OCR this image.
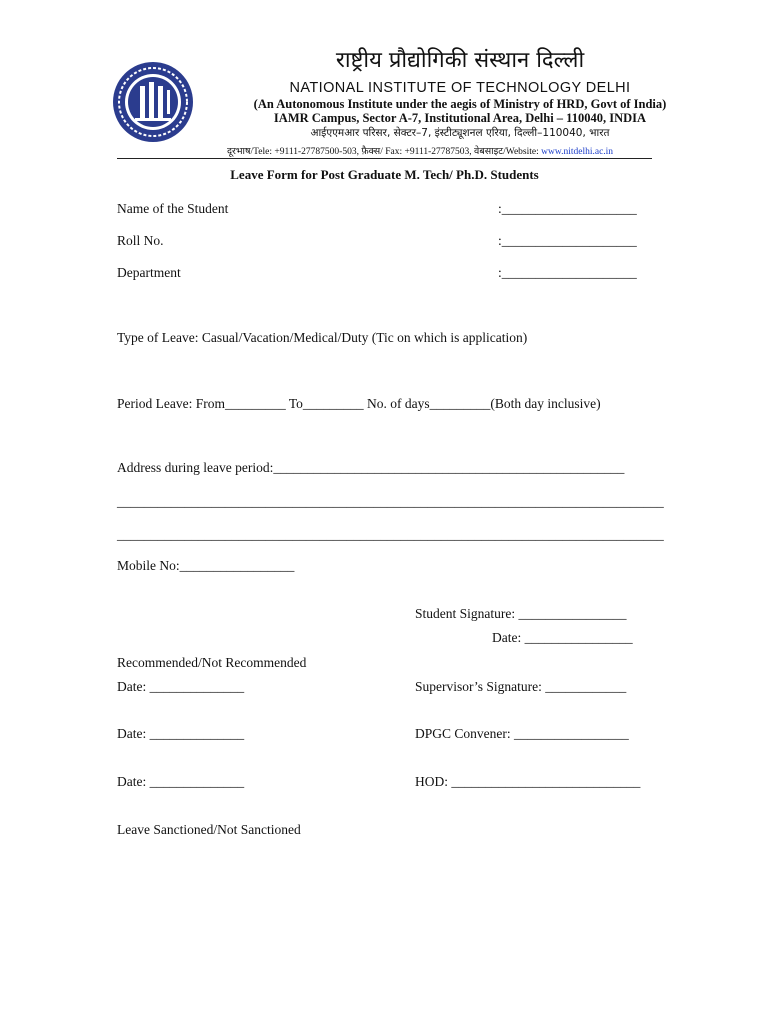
राष्ट्रीय प्रौद्योगिकी संस्थान दिल्ली
NATIONAL INSTITUTE OF TECHNOLOGY DELHI
(An Autonomous Institute under the aegis of Ministry of HRD, Govt of India)
IAMR Campus, Sector A-7, Institutional Area, Delhi – 110040, INDIA
आईएएमआर परिसर, सेक्टर–7, इंस्टीट्यूशनल एरिया, दिल्ली–110040, भारत
दूरभाष/Tele: +9111-27787500-503, फ़ैक्स/ Fax: +9111-27787503, वेबसाइट/Website: www.nitdelhi.ac.in
Leave Form for Post Graduate M. Tech/ Ph.D. Students
Name of the Student	:____________________
Roll No.	:____________________
Department	:____________________
Type of Leave: Casual/Vacation/Medical/Duty (Tic on which is application)
Period Leave: From_________ To_________ No. of days_________(Both day inclusive)
Address during leave period:____________________________________________________
_________________________________________________________________________________
_________________________________________________________________________________
Mobile No:_________________
Student Signature: ________________
Date: ________________
Recommended/Not Recommended
Date: ______________	Supervisor’s Signature: ____________
Date: ______________	DPGC Convener: _________________
Date: ______________	HOD: ____________________________
Leave Sanctioned/Not Sanctioned
